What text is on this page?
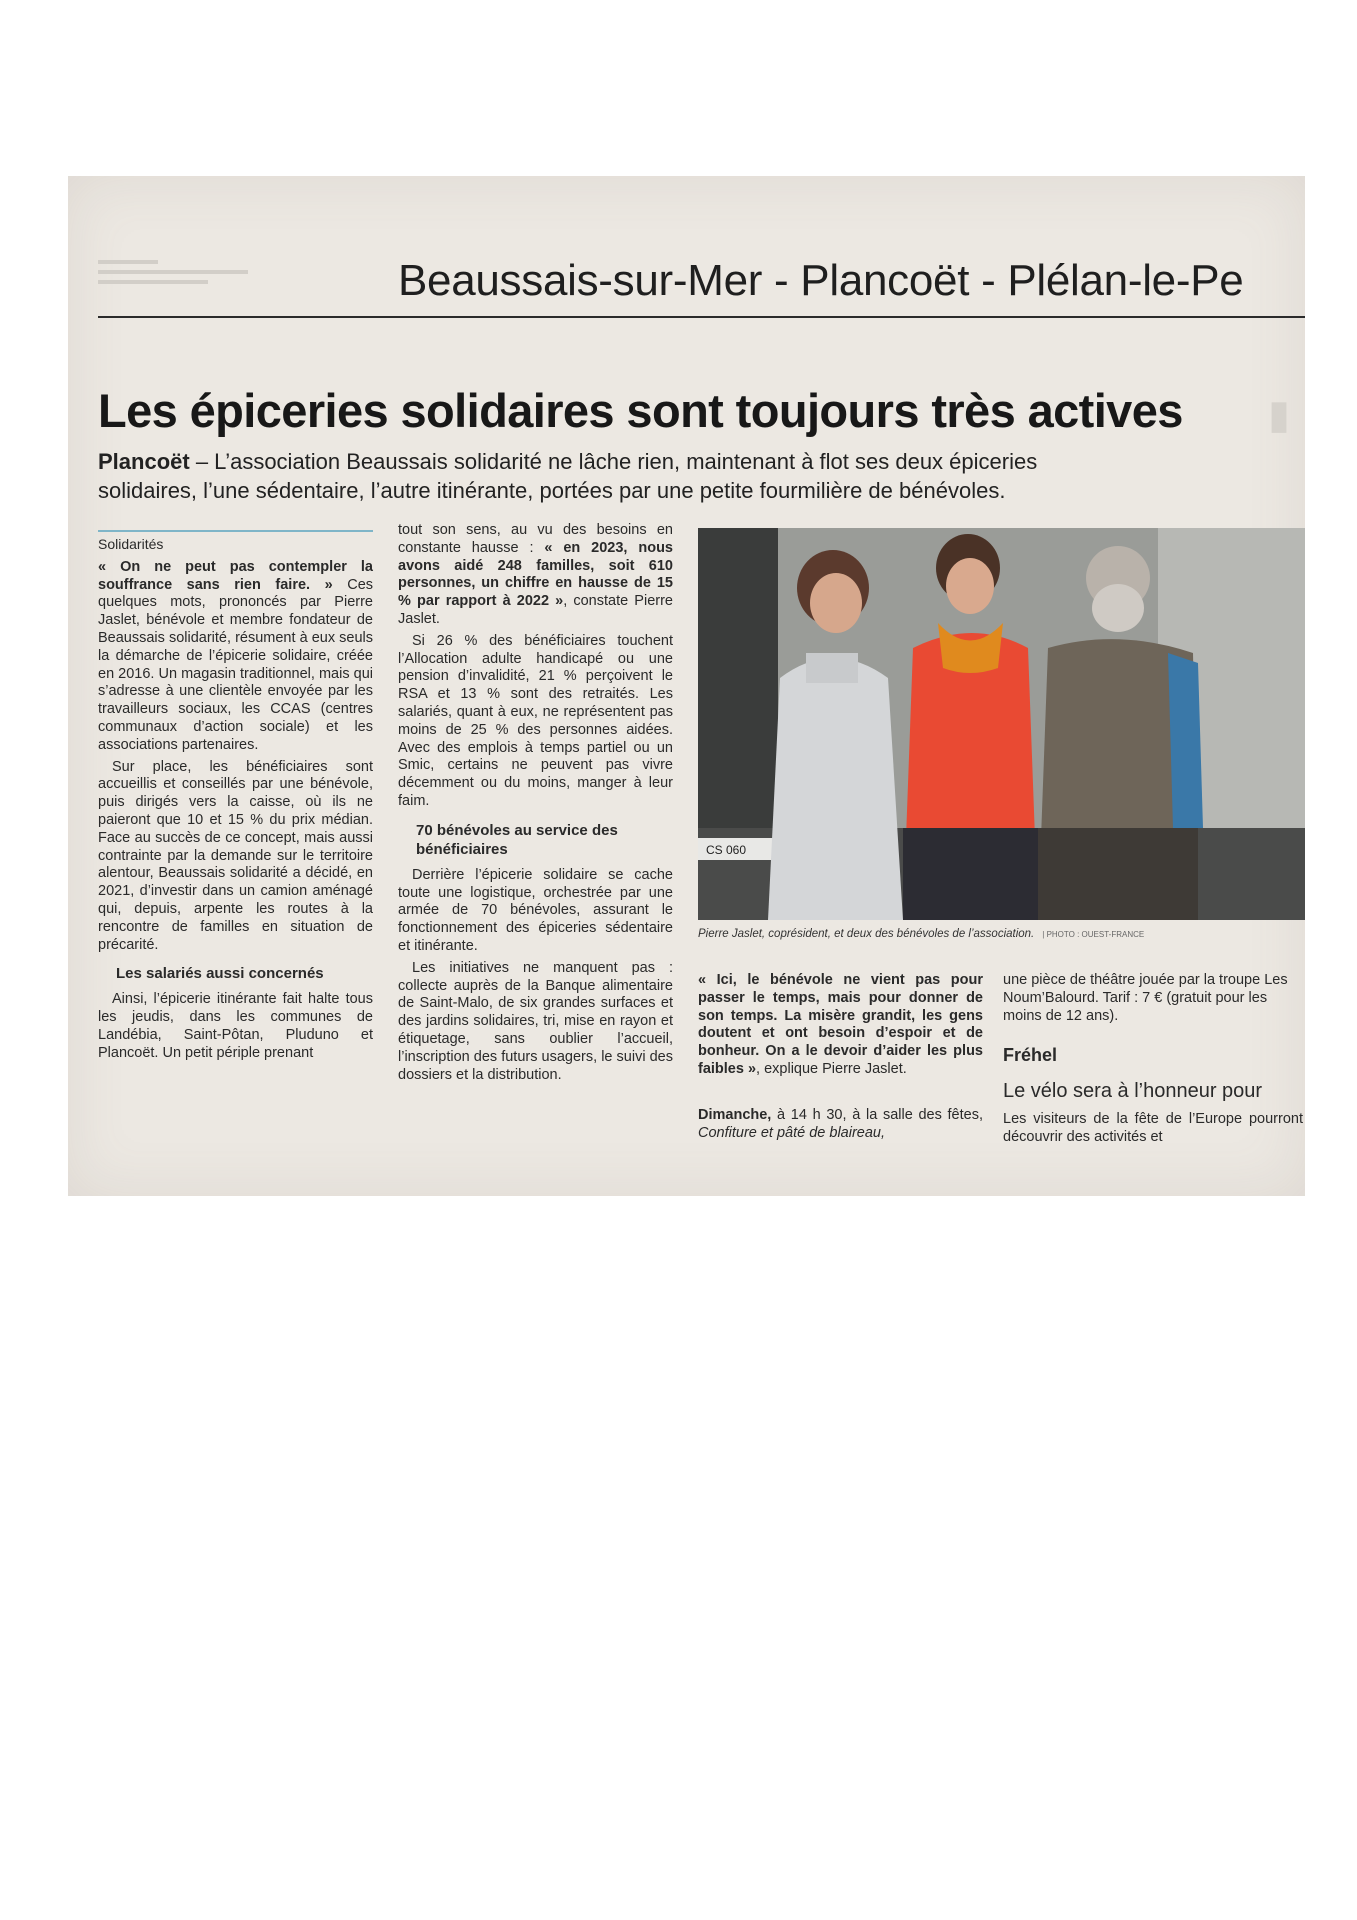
Beaussais-sur-Mer - Plancoët - Plélan-le-Pe
Les épiceries solidaires sont toujours très actives ▮
Plancoët – L’association Beaussais solidarité ne lâche rien, maintenant à flot ses deux épiceries solidaires, l’une sédentaire, l’autre itinérante, portées par une petite fourmilière de bénévoles.
Solidarités

« On ne peut pas contempler la souffrance sans rien faire. » Ces quelques mots, prononcés par Pierre Jaslet, bénévole et membre fondateur de Beaussais solidarité, résument à eux seuls la démarche de l’épicerie solidaire, créée en 2016. Un magasin traditionnel, mais qui s’adresse à une clientèle envoyée par les travailleurs sociaux, les CCAS (centres communaux d’action sociale) et les associations partenaires.

Sur place, les bénéficiaires sont accueillis et conseillés par une bénévole, puis dirigés vers la caisse, où ils ne paieront que 10 et 15 % du prix médian. Face au succès de ce concept, mais aussi contrainte par la demande sur le territoire alentour, Beaussais solidarité a décidé, en 2021, d’investir dans un camion aménagé qui, depuis, arpente les routes à la rencontre de familles en situation de précarité.

Les salariés aussi concernés

Ainsi, l’épicerie itinérante fait halte tous les jeudis, dans les communes de Landébia, Saint-Pôtan, Pluduno et Plancoët. Un petit périple prenant

tout son sens, au vu des besoins en constante hausse : « en 2023, nous avons aidé 248 familles, soit 610 personnes, un chiffre en hausse de 15 % par rapport à 2022 », constate Pierre Jaslet.

Si 26 % des bénéficiaires touchent l’Allocation adulte handicapé ou une pension d’invalidité, 21 % perçoivent le RSA et 13 % sont des retraités. Les salariés, quant à eux, ne représentent pas moins de 25 % des personnes aidées. Avec des emplois à temps partiel ou un Smic, certains ne peuvent pas vivre décemment ou du moins, manger à leur faim.

70 bénévoles au service des bénéficiaires

Derrière l’épicerie solidaire se cache toute une logistique, orchestrée par une armée de 70 bénévoles, assurant le fonctionnement des épiceries sédentaire et itinérante.

Les initiatives ne manquent pas : collecte auprès de la Banque alimentaire de Saint-Malo, de six grandes surfaces et des jardins solidaires, tri, mise en rayon et étiquetage, sans oublier l’accueil, l’inscription des futurs usagers, le suivi des dossiers et la distribution.

CS 060
Pierre Jaslet, coprésident, et deux des bénévoles de l’association. | PHOTO : OUEST-FRANCE

« Ici, le bénévole ne vient pas pour passer le temps, mais pour donner de son temps. La misère grandit, les gens doutent et ont besoin d’espoir et de bonheur. On a le devoir d’aider les plus faibles », explique Pierre Jaslet.

Dimanche, à 14 h 30, à la salle des fêtes, Confiture et pâté de blaireau,

une pièce de théâtre jouée par la troupe Les Noum’Balourd. Tarif : 7 € (gratuit pour les moins de 12 ans).

Fréhel
Le vélo sera à l’honneur pour

Les visiteurs de la fête de l’Europe pourront découvrir des activités et
